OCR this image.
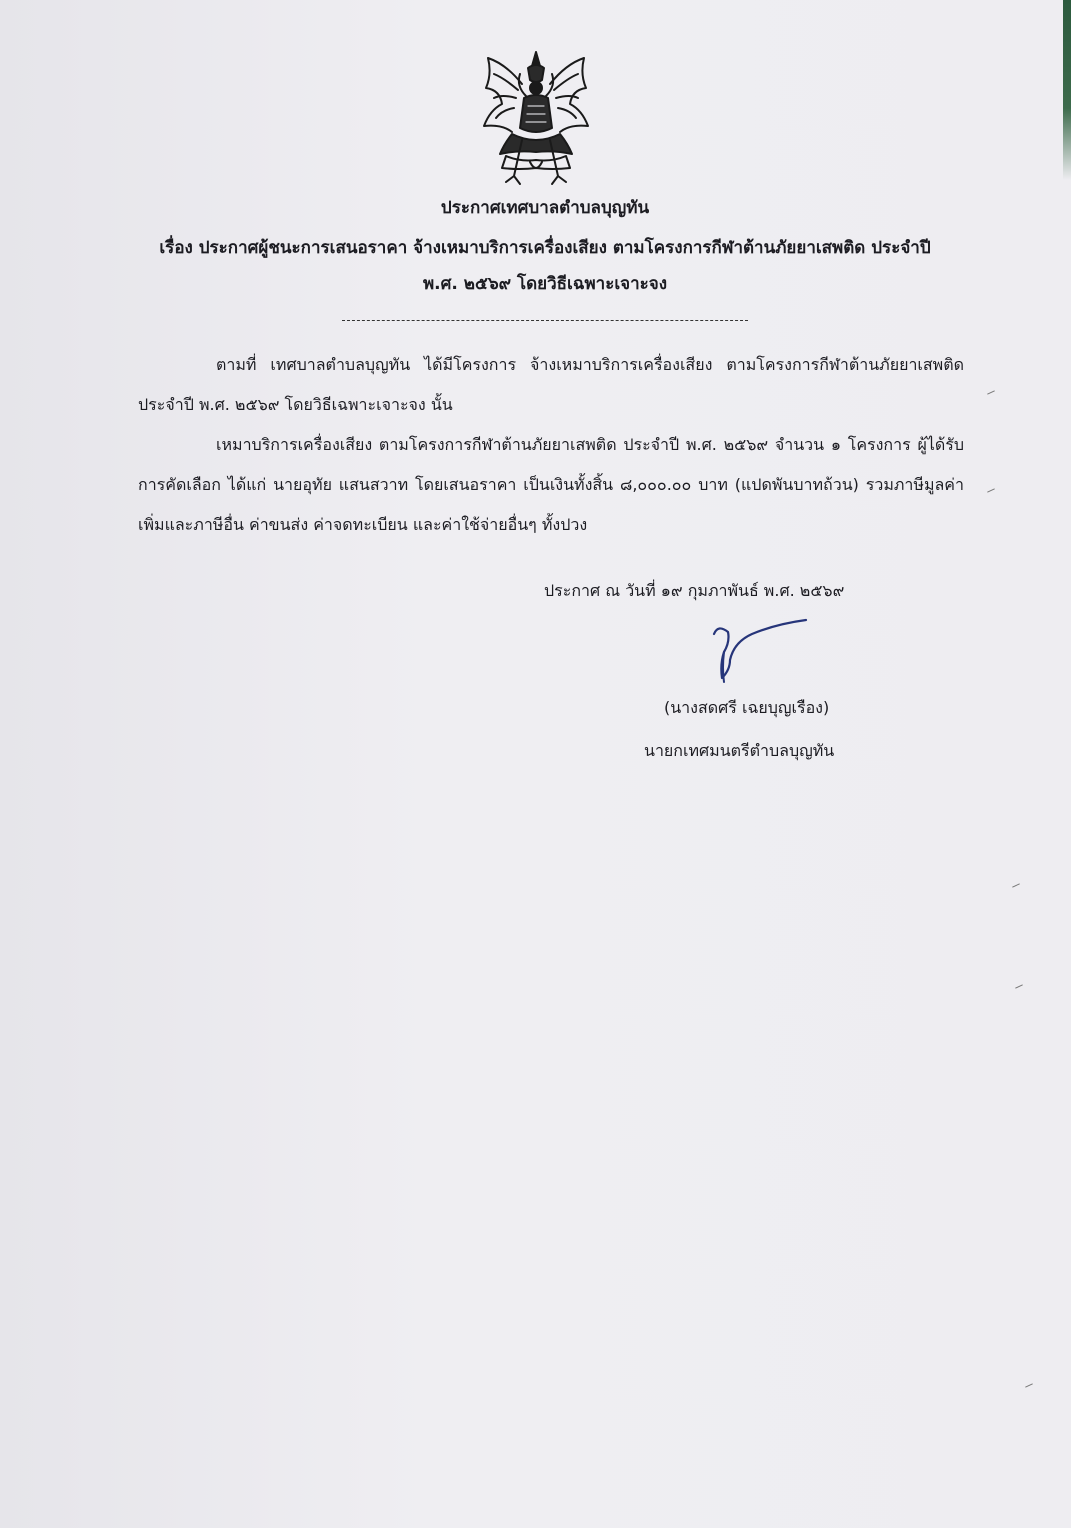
ประกาศเทศบาลตำบลบุญทัน
เรื่อง ประกาศผู้ชนะการเสนอราคา จ้างเหมาบริการเครื่องเสียง ตามโครงการกีฬาต้านภัยยาเสพติด ประจำปี
พ.ศ. ๒๕๖๙ โดยวิธีเฉพาะเจาะจง
ตามที่ เทศบาลตำบลบุญทัน ได้มีโครงการ จ้างเหมาบริการเครื่องเสียง ตามโครงการกีฬาต้านภัยยาเสพติด ประจำปี พ.ศ. ๒๕๖๙ โดยวิธีเฉพาะเจาะจง นั้น
เหมาบริการเครื่องเสียง ตามโครงการกีฬาต้านภัยยาเสพติด ประจำปี พ.ศ. ๒๕๖๙ จำนวน ๑ โครงการ ผู้ได้รับการคัดเลือก ได้แก่ นายอุทัย แสนสวาท โดยเสนอราคา เป็นเงินทั้งสิ้น ๘,๐๐๐.๐๐ บาท (แปดพันบาทถ้วน) รวมภาษีมูลค่าเพิ่มและภาษีอื่น ค่าขนส่ง ค่าจดทะเบียน และค่าใช้จ่ายอื่นๆ ทั้งปวง
ประกาศ ณ วันที่ ๑๙ กุมภาพันธ์ พ.ศ. ๒๕๖๙
(นางสดศรี เฉยบุญเรือง)
นายกเทศมนตรีตำบลบุญทัน
